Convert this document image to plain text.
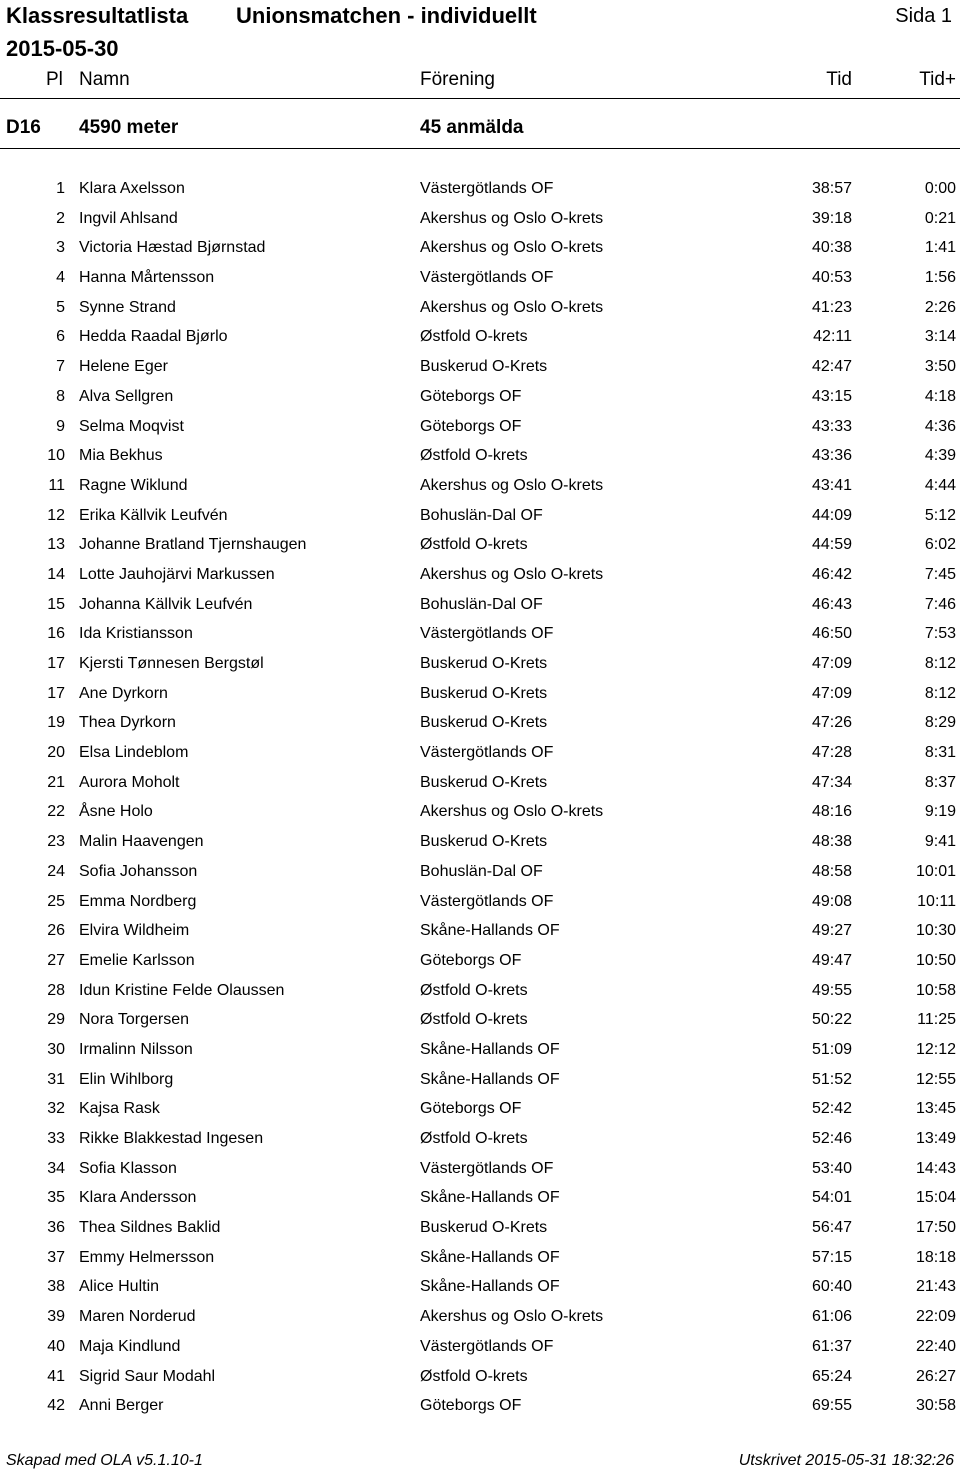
Klassresultatlista Unionsmatchen - individuellt	Sida 1
2015-05-30
Pl Namn	Förening	Tid	Tid+
D16 4590 meter	45 anmälda
1 Klara Axelsson	Västergötlands OF	38:57	0:00
2 Ingvil Ahlsand	Akershus og Oslo O-krets	39:18	0:21
3 Victoria Hæstad Bjørnstad	Akershus og Oslo O-krets	40:38	1:41
4 Hanna Mårtensson	Västergötlands OF	40:53	1:56
5 Synne Strand	Akershus og Oslo O-krets	41:23	2:26
6 Hedda Raadal Bjørlo	Østfold O-krets	42:11	3:14
7 Helene Eger	Buskerud O-Krets	42:47	3:50
8 Alva Sellgren	Göteborgs OF	43:15	4:18
9 Selma Moqvist	Göteborgs OF	43:33	4:36
10 Mia Bekhus	Østfold O-krets	43:36	4:39
11 Ragne Wiklund	Akershus og Oslo O-krets	43:41	4:44
12 Erika Källvik Leufvén	Bohuslän-Dal OF	44:09	5:12
13 Johanne Bratland Tjernshaugen	Østfold O-krets	44:59	6:02
14 Lotte Jauhojärvi Markussen	Akershus og Oslo O-krets	46:42	7:45
15 Johanna Källvik Leufvén	Bohuslän-Dal OF	46:43	7:46
16 Ida Kristiansson	Västergötlands OF	46:50	7:53
17 Kjersti Tønnesen Bergstøl	Buskerud O-Krets	47:09	8:12
17 Ane Dyrkorn	Buskerud O-Krets	47:09	8:12
19 Thea Dyrkorn	Buskerud O-Krets	47:26	8:29
20 Elsa Lindeblom	Västergötlands OF	47:28	8:31
21 Aurora Moholt	Buskerud O-Krets	47:34	8:37
22 Åsne Holo	Akershus og Oslo O-krets	48:16	9:19
23 Malin Haavengen	Buskerud O-Krets	48:38	9:41
24 Sofia Johansson	Bohuslän-Dal OF	48:58	10:01
25 Emma Nordberg	Västergötlands OF	49:08	10:11
26 Elvira Wildheim	Skåne-Hallands OF	49:27	10:30
27 Emelie Karlsson	Göteborgs OF	49:47	10:50
28 Idun Kristine Felde Olaussen	Østfold O-krets	49:55	10:58
29 Nora Torgersen	Østfold O-krets	50:22	11:25
30 Irmalinn Nilsson	Skåne-Hallands OF	51:09	12:12
31 Elin Wihlborg	Skåne-Hallands OF	51:52	12:55
32 Kajsa Rask	Göteborgs OF	52:42	13:45
33 Rikke Blakkestad Ingesen	Østfold O-krets	52:46	13:49
34 Sofia Klasson	Västergötlands OF	53:40	14:43
35 Klara Andersson	Skåne-Hallands OF	54:01	15:04
36 Thea Sildnes Baklid	Buskerud O-Krets	56:47	17:50
37 Emmy Helmersson	Skåne-Hallands OF	57:15	18:18
38 Alice Hultin	Skåne-Hallands OF	60:40	21:43
39 Maren Norderud	Akershus og Oslo O-krets	61:06	22:09
40 Maja Kindlund	Västergötlands OF	61:37	22:40
41 Sigrid Saur Modahl	Østfold O-krets	65:24	26:27
42 Anni Berger	Göteborgs OF	69:55	30:58
Skapad med OLA v5.1.10-1	Utskrivet 2015-05-31 18:32:26
